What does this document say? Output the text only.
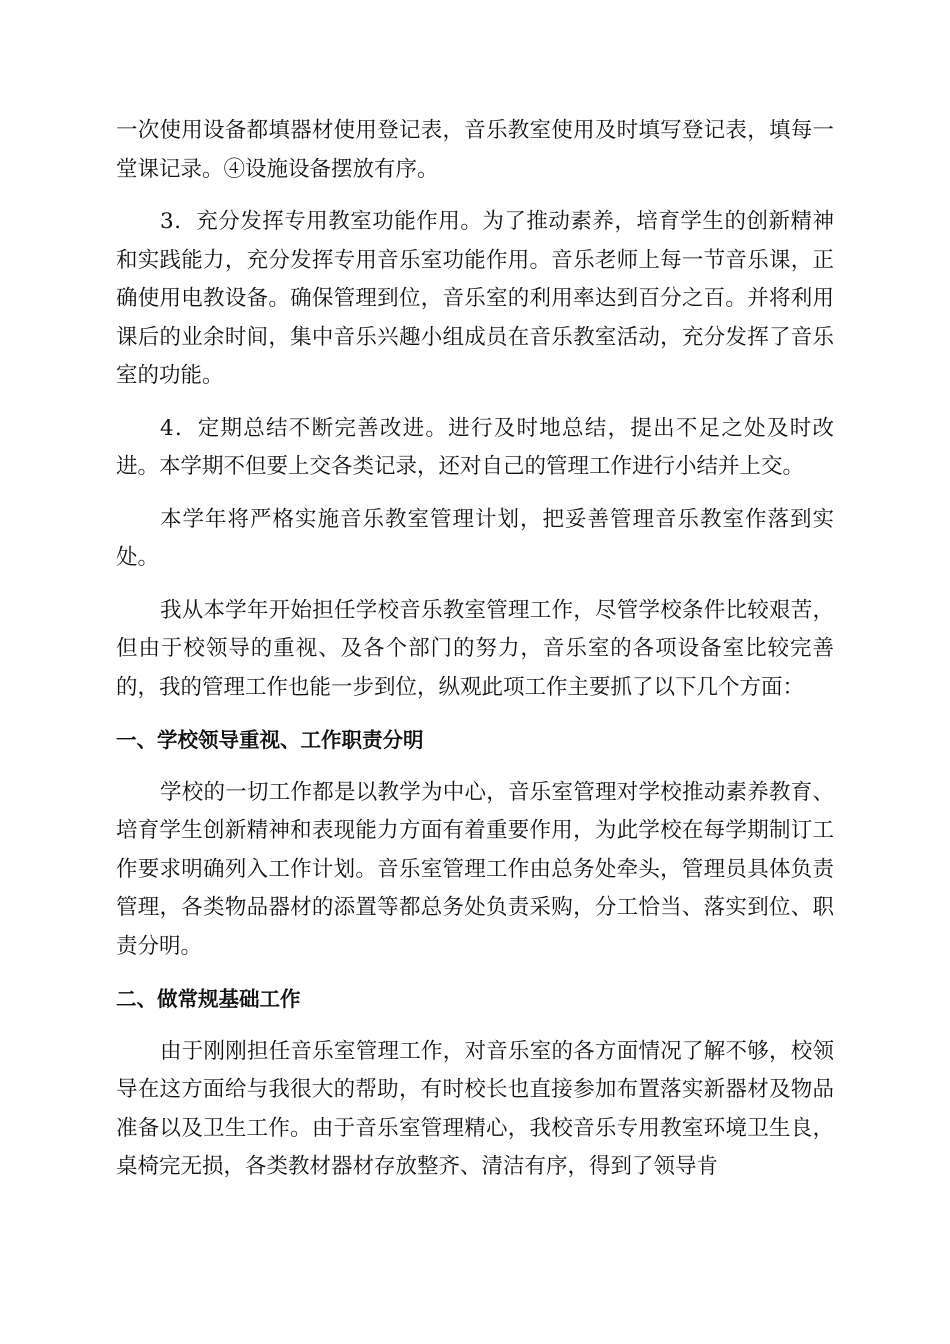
一次使用设备都填器材使用登记表，音乐教室使用及时填写登记表，填每一堂课记录。④设施设备摆放有序。

3．充分发挥专用教室功能作用。为了推动素养，培育学生的创新精神和实践能力，充分发挥专用音乐室功能作用。音乐老师上每一节音乐课，正确使用电教设备。确保管理到位，音乐室的利用率达到百分之百。并将利用课后的业余时间，集中音乐兴趣小组成员在音乐教室活动，充分发挥了音乐室的功能。

4．定期总结不断完善改进。进行及时地总结，提出不足之处及时改进。本学期不但要上交各类记录，还对自己的管理工作进行小结并上交。

本学年将严格实施音乐教室管理计划，把妥善管理音乐教室作落到实处。

我从本学年开始担任学校音乐教室管理工作，尽管学校条件比较艰苦，但由于校领导的重视、及各个部门的努力，音乐室的各项设备室比较完善的，我的管理工作也能一步到位，纵观此项工作主要抓了以下几个方面：

一、学校领导重视、工作职责分明

学校的一切工作都是以教学为中心，音乐室管理对学校推动素养教育、培育学生创新精神和表现能力方面有着重要作用，为此学校在每学期制订工作要求明确列入工作计划。音乐室管理工作由总务处牵头，管理员具体负责管理，各类物品器材的添置等都总务处负责采购，分工恰当、落实到位、职责分明。

二、做常规基础工作

由于刚刚担任音乐室管理工作，对音乐室的各方面情况了解不够，校领导在这方面给与我很大的帮助，有时校长也直接参加布置落实新器材及物品准备以及卫生工作。由于音乐室管理精心，我校音乐专用教室环境卫生良，桌椅完无损，各类教材器材存放整齐、清洁有序，得到了领导肯
